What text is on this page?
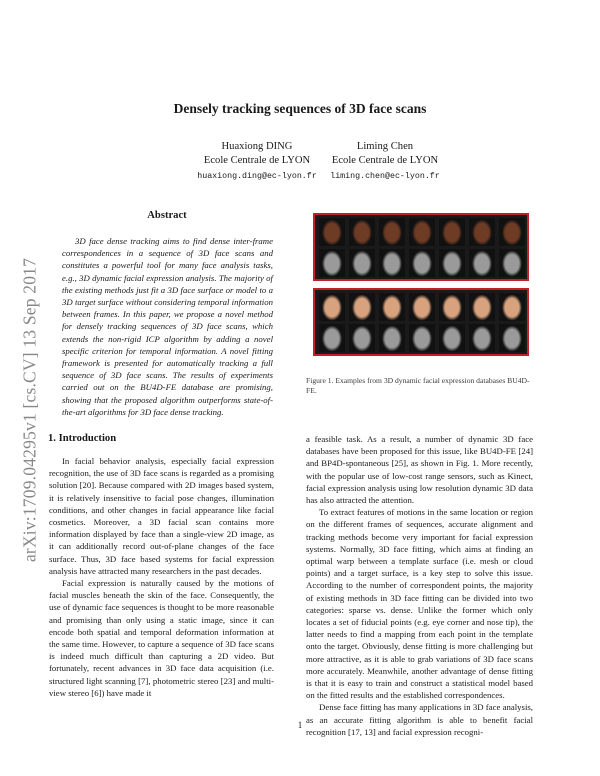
arXiv:1709.04295v1 [cs.CV] 13 Sep 2017
Densely tracking sequences of 3D face scans
Huaxiong DING
Ecole Centrale de LYON
huaxiong.ding@ec-lyon.fr
Liming Chen
Ecole Centrale de LYON
liming.chen@ec-lyon.fr
Abstract

3D face dense tracking aims to find dense inter-frame correspondences in a sequence of 3D face scans and constitutes a powerful tool for many face analysis tasks, e.g., 3D dynamic facial expression analysis. The majority of the existing methods just fit a 3D face surface or model to a 3D target surface without considering temporal information between frames. In this paper, we propose a novel method for densely tracking sequences of 3D face scans, which extends the non-rigid ICP algorithm by adding a novel specific criterion for temporal information. A novel fitting framework is presented for automatically tracking a full sequence of 3D face scans. The results of experiments carried out on the BU4D-FE database are promising, showing that the proposed algorithm outperforms state-of-the-art algorithms for 3D face dense tracking.

1. Introduction

In facial behavior analysis, especially facial expression recognition, the use of 3D face scans is regarded as a promising solution [20]. Because compared with 2D images based system, it is relatively insensitive to facial pose changes, illumination conditions, and other changes in facial appearance like facial cosmetics. Moreover, a 3D facial scan contains more information displayed by face than a single-view 2D image, as it can additionally record out-of-plane changes of the face surface. Thus, 3D face based systems for facial expression analysis have attracted many researchers in the past decades.

Facial expression is naturally caused by the motions of facial muscles beneath the skin of the face. Consequently, the use of dynamic face sequences is thought to be more reasonable and promising than only using a static image, since it can encode both spatial and temporal deformation information at the same time. However, to capture a sequence of 3D face scans is indeed much difficult than capturing a 2D video. But fortunately, recent advances in 3D face data acquisition (i.e. structured light scanning [7], photometric stereo [23] and multi-view stereo [6]) have made it

Figure 1. Examples from 3D dynamic facial expression databases BU4D-FE.

a feasible task. As a result, a number of dynamic 3D face databases have been proposed for this issue, like BU4D-FE [24] and BP4D-spontaneous [25], as shown in Fig. 1. More recently, with the popular use of low-cost range sensors, such as Kinect, facial expression analysis using low resolution dynamic 3D data has also attracted the attention.

To extract features of motions in the same location or region on the different frames of sequences, accurate alignment and tracking methods become very important for facial expression systems. Normally, 3D face fitting, which aims at finding an optimal warp between a template surface (i.e. mesh or cloud points) and a target surface, is a key step to solve this issue. According to the number of correspondent points, the majority of existing methods in 3D face fitting can be divided into two categories: sparse vs. dense. Unlike the former which only locates a set of fiducial points (e.g. eye corner and nose tip), the latter needs to find a mapping from each point in the template onto the target. Obviously, dense fitting is more challenging but more attractive, as it is able to grab variations of 3D face scans more accurately. Meanwhile, another advantage of dense fitting is that it is easy to train and construct a statistical model based on the fitted results and the established correspondences.

Dense face fitting has many applications in 3D face analysis, as an accurate fitting algorithm is able to benefit facial recognition [17, 13] and facial expression recogni-

1
